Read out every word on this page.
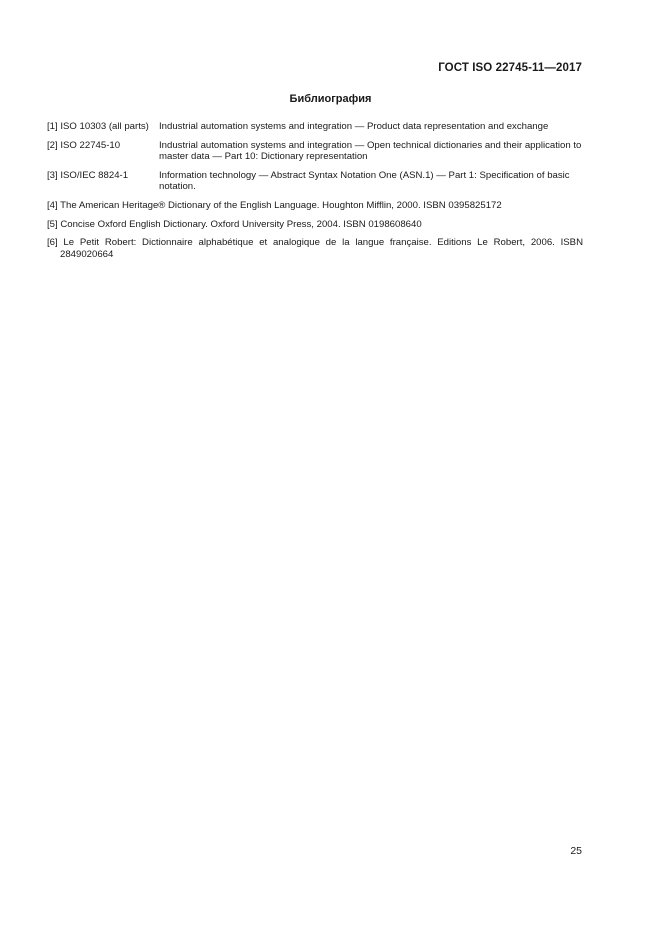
ГОСТ ISO 22745-11—2017
Библиография
[1] ISO 10303 (all parts)	Industrial automation systems and integration — Product data representation and exchange
[2] ISO 22745-10	Industrial automation systems and integration — Open technical dictionaries and their application to master data — Part 10: Dictionary representation
[3] ISO/IEC 8824-1	Information technology — Abstract Syntax Notation One (ASN.1) — Part 1: Specification of basic notation.
[4] The American Heritage® Dictionary of the English Language. Houghton Mifflin, 2000. ISBN 0395825172
[5] Concise Oxford English Dictionary. Oxford University Press, 2004. ISBN 0198608640
[6] Le Petit Robert: Dictionnaire alphabétique et analogique de la langue française. Editions Le Robert, 2006. ISBN 2849020664
25
